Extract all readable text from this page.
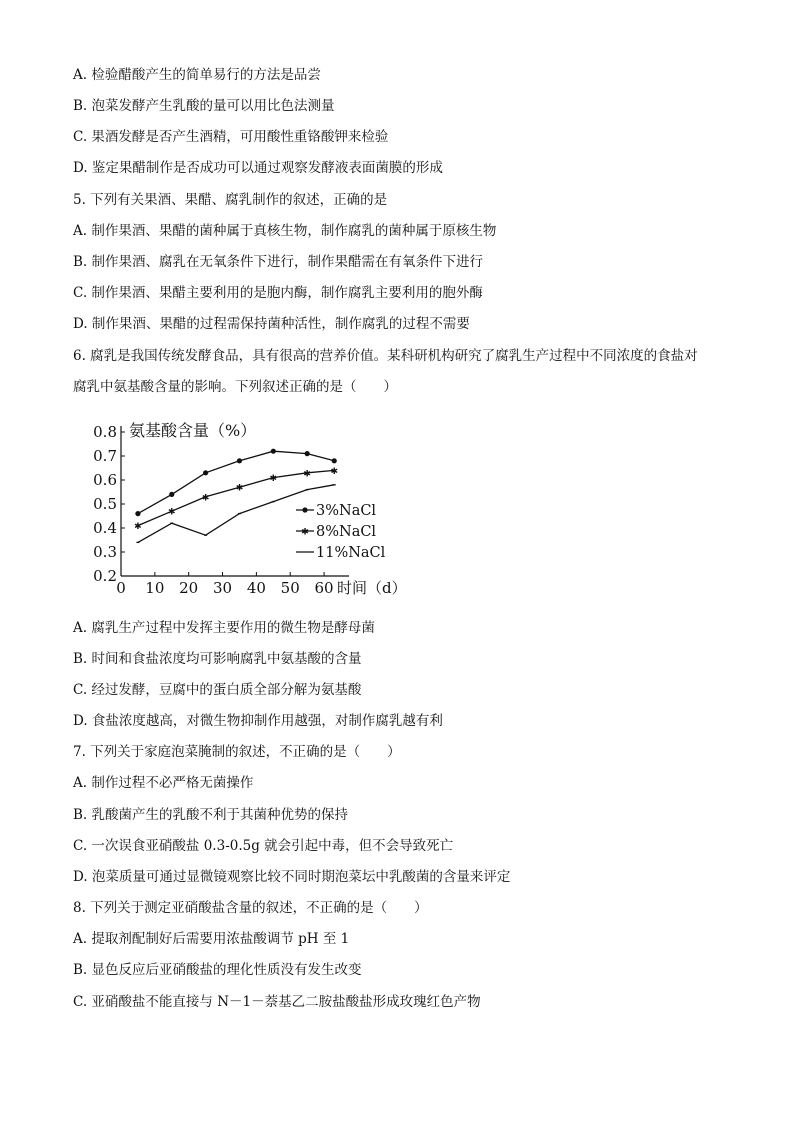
A. 检验醋酸产生的简单易行的方法是品尝
B. 泡菜发酵产生乳酸的量可以用比色法测量
C. 果酒发酵是否产生酒精，可用酸性重铬酸钾来检验
D. 鉴定果醋制作是否成功可以通过观察发酵液表面菌膜的形成
5. 下列有关果酒、果醋、腐乳制作的叙述，正确的是
A. 制作果酒、果醋的菌种属于真核生物，制作腐乳的菌种属于原核生物
B. 制作果酒、腐乳在无氧条件下进行，制作果醋需在有氧条件下进行
C. 制作果酒、果醋主要利用的是胞内酶，制作腐乳主要利用的胞外酶
D. 制作果酒、果醋的过程需保持菌种活性，制作腐乳的过程不需要
6. 腐乳是我国传统发酵食品，具有很高的营养价值。某科研机构研究了腐乳生产过程中不同浓度的食盐对
腐乳中氨基酸含量的影响。下列叙述正确的是（　　）
0.2
0.3
0.4
0.5
0.6
0.7
0.8
0 10 20 30 40 50 60
氨基酸含量（%）
时间（d）
✱
✱
✱
✱
✱	✱ ✱
3%NaCl
✱ 8%NaCl
11%NaCl
A. 腐乳生产过程中发挥主要作用的微生物是酵母菌
B. 时间和食盐浓度均可影响腐乳中氨基酸的含量
C. 经过发酵，豆腐中的蛋白质全部分解为氨基酸
D. 食盐浓度越高，对微生物抑制作用越强，对制作腐乳越有利
7. 下列关于家庭泡菜腌制的叙述，不正确的是（　　）
A. 制作过程不必严格无菌操作
B. 乳酸菌产生的乳酸不利于其菌种优势的保持
C. 一次误食亚硝酸盐 0.3-0.5g 就会引起中毒，但不会导致死亡
D. 泡菜质量可通过显微镜观察比较不同时期泡菜坛中乳酸菌的含量来评定
8. 下列关于测定亚硝酸盐含量的叙述，不正确的是（　　）
A. 提取剂配制好后需要用浓盐酸调节 pH 至 1
B. 显色反应后亚硝酸盐的理化性质没有发生改变
C. 亚硝酸盐不能直接与 N－1－萘基乙二胺盐酸盐形成玫瑰红色产物
